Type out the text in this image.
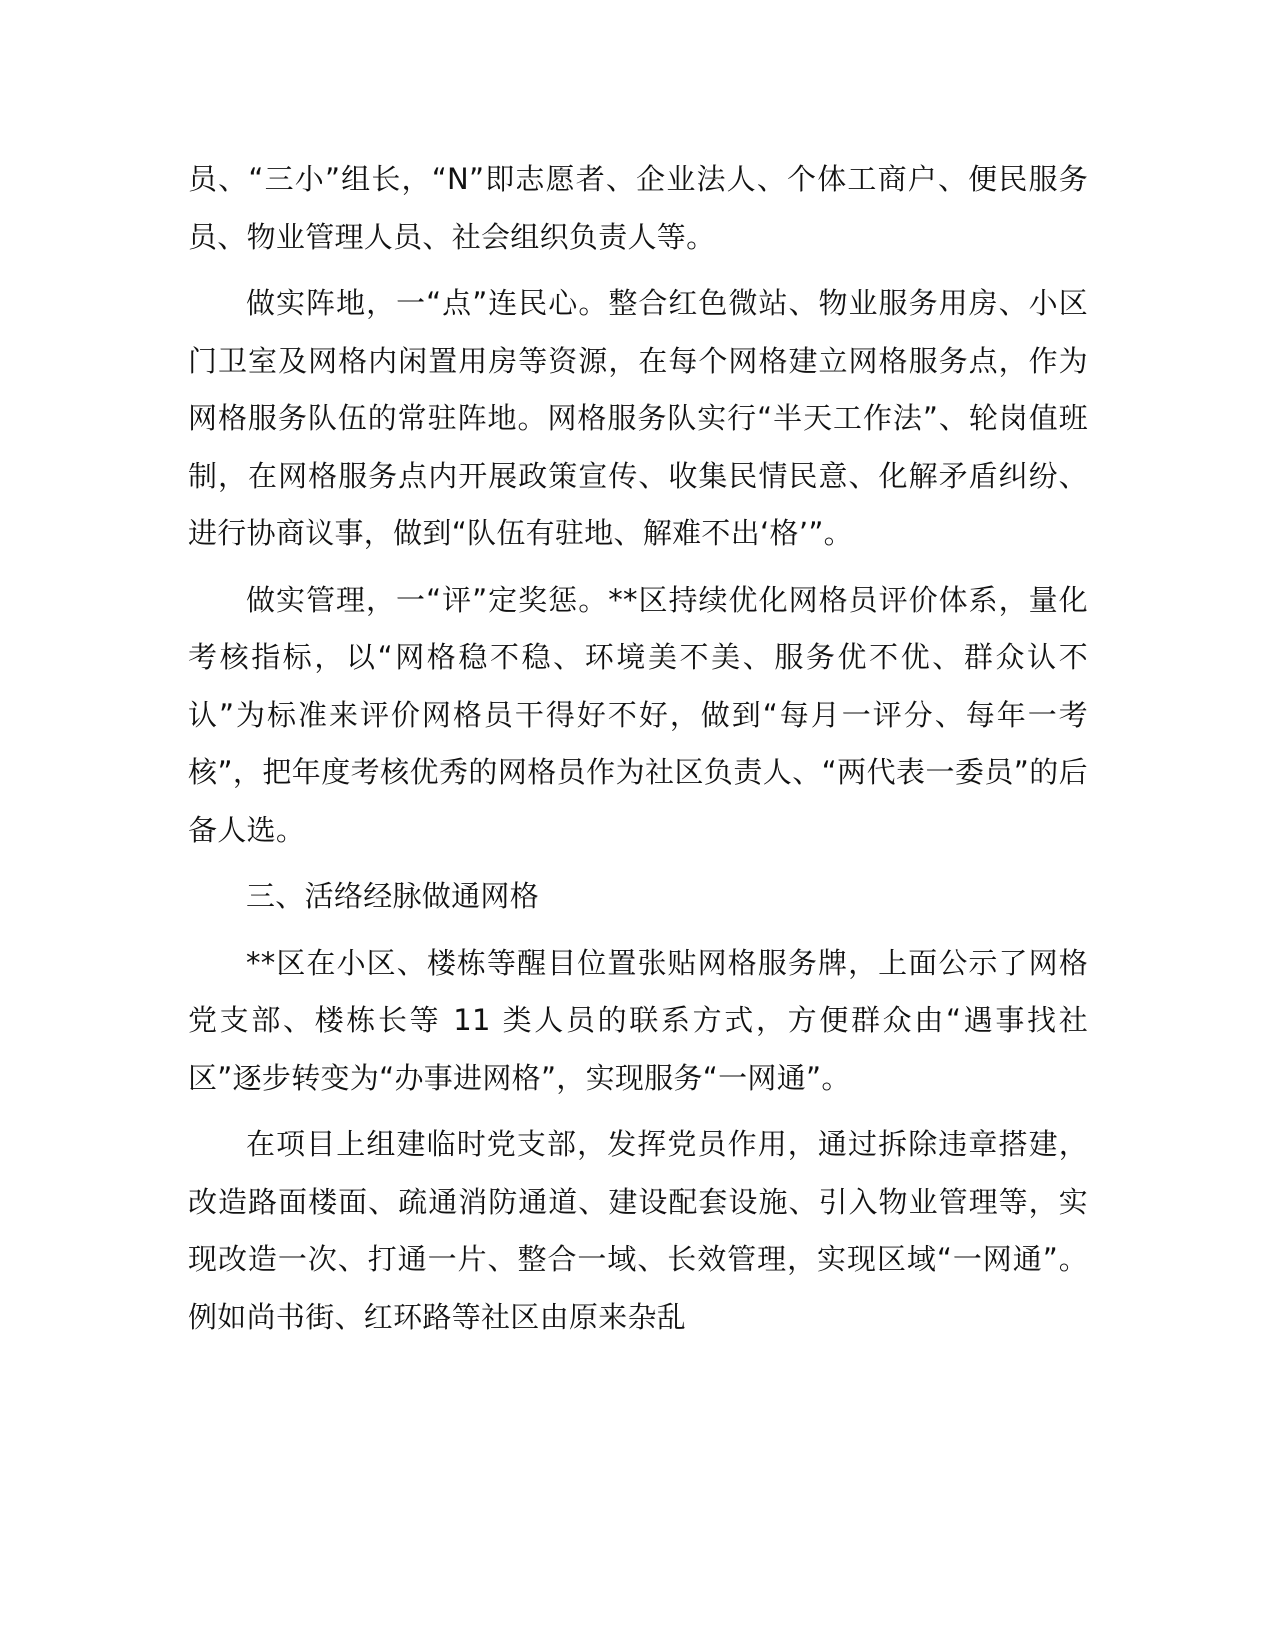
员、“三小”组长，“N”即志愿者、企业法人、个体工商户、便民服务员、物业管理人员、社会组织负责人等。

做实阵地，一“点”连民心。整合红色微站、物业服务用房、小区门卫室及网格内闲置用房等资源，在每个网格建立网格服务点，作为网格服务队伍的常驻阵地。网格服务队实行“半天工作法”、轮岗值班制，在网格服务点内开展政策宣传、收集民情民意、化解矛盾纠纷、进行协商议事，做到“队伍有驻地、解难不出‘格’”。

做实管理，一“评”定奖惩。**区持续优化网格员评价体系，量化考核指标，以“网格稳不稳、环境美不美、服务优不优、群众认不认”为标准来评价网格员干得好不好，做到“每月一评分、每年一考核”，把年度考核优秀的网格员作为社区负责人、“两代表一委员”的后备人选。

三、活络经脉做通网格

**区在小区、楼栋等醒目位置张贴网格服务牌，上面公示了网格党支部、楼栋长等 11 类人员的联系方式，方便群众由“遇事找社区”逐步转变为“办事进网格”，实现服务“一网通”。

在项目上组建临时党支部，发挥党员作用，通过拆除违章搭建，改造路面楼面、疏通消防通道、建设配套设施、引入物业管理等，实现改造一次、打通一片、整合一域、长效管理，实现区域“一网通”。例如尚书街、红环路等社区由原来杂乱
